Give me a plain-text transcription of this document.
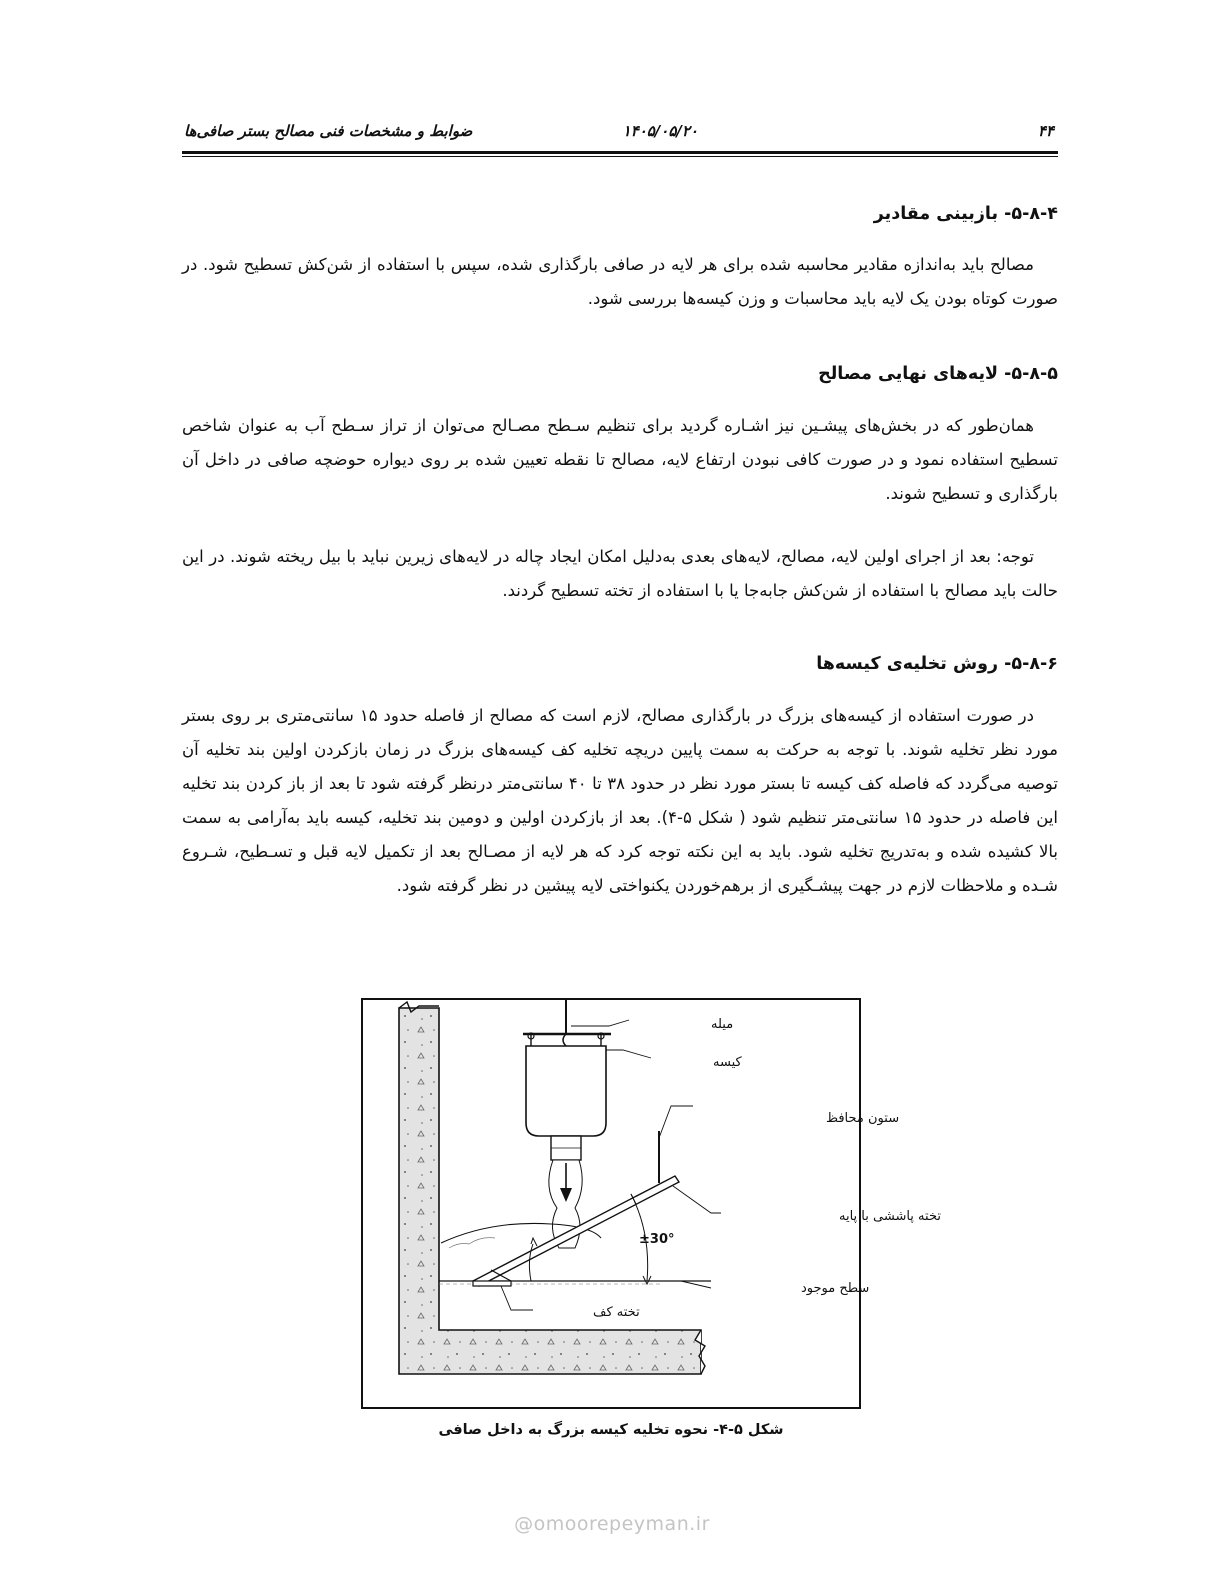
۴۴
۱۴۰۵/۰۵/۲۰
ضوابط و مشخصات فنی مصالح بستر صافی‌ها
۵-۸-۴- بازبینی مقادیر
مصالح باید به‌اندازه مقادیر محاسبه شده برای هر لایه در صافی بارگذاری شده، سپس با استفاده از شن‌کش تسطیح شود. در صورت کوتاه بودن یک لایه باید محاسبات و وزن کیسه‌ها بررسی شود.
۵-۸-۵- لایه‌های نهایی مصالح
همان‌طور که در بخش‌های پیشـین نیز اشـاره گردید برای تنظیم سـطح مصـالح می‌توان از تراز سـطح آب به عنوان شاخص تسطیح استفاده نمود و در صورت کافی نبودن ارتفاع لایه، مصالح تا نقطه تعیین شده بر روی دیواره حوضچه صافی در داخل آن بارگذاری و تسطیح شوند.
توجه: بعد از اجرای اولین لایه، مصالح، لایه‌های بعدی به‌دلیل امکان ایجاد چاله در لایه‌های زیرین نباید با بیل ریخته شوند. در این حالت باید مصالح با استفاده از شن‌کش جابه‌جا یا با استفاده از تخته تسطیح گردند.
۵-۸-۶- روش تخلیه‌ی کیسه‌ها
در صورت استفاده از کیسه‌های بزرگ در بارگذاری مصالح، لازم است که مصالح از فاصله حدود ۱۵ سانتی‌متری بر روی بستر مورد نظر تخلیه شوند. با توجه به حرکت به سمت پایین دریچه تخلیه کف کیسه‌های بزرگ در زمان بازکردن اولین بند تخلیه آن توصیه می‌گردد که فاصله کف کیسه تا بستر مورد نظر در حدود ۳۸ تا ۴۰ سانتی‌متر درنظر گرفته شود تا بعد از باز کردن بند تخلیه این فاصله در حدود ۱۵ سانتی‌متر تنظیم شود ( شکل ۵-۴). بعد از بازکردن اولین و دومین بند تخلیه، کیسه باید به‌آرامی به سمت بالا کشیده شده و به‌تدریج تخلیه شود. باید به این نکته توجه کرد که هر لایه از مصـالح بعد از تکمیل لایه قبل و تسـطیح، شـروع شـده و ملاحظات لازم در جهت پیشـگیری از برهم‌خوردن یکنواختی لایه پیشین در نظر گرفته شود.
میله
کیسه
ستون محافظ
تخته پاششی با پایه
±30°
سطح موجود
تخته کف
شکل ۵-۴- نحوه تخلیه کیسه بزرگ به داخل صافی
@omoorepeyman.ir
